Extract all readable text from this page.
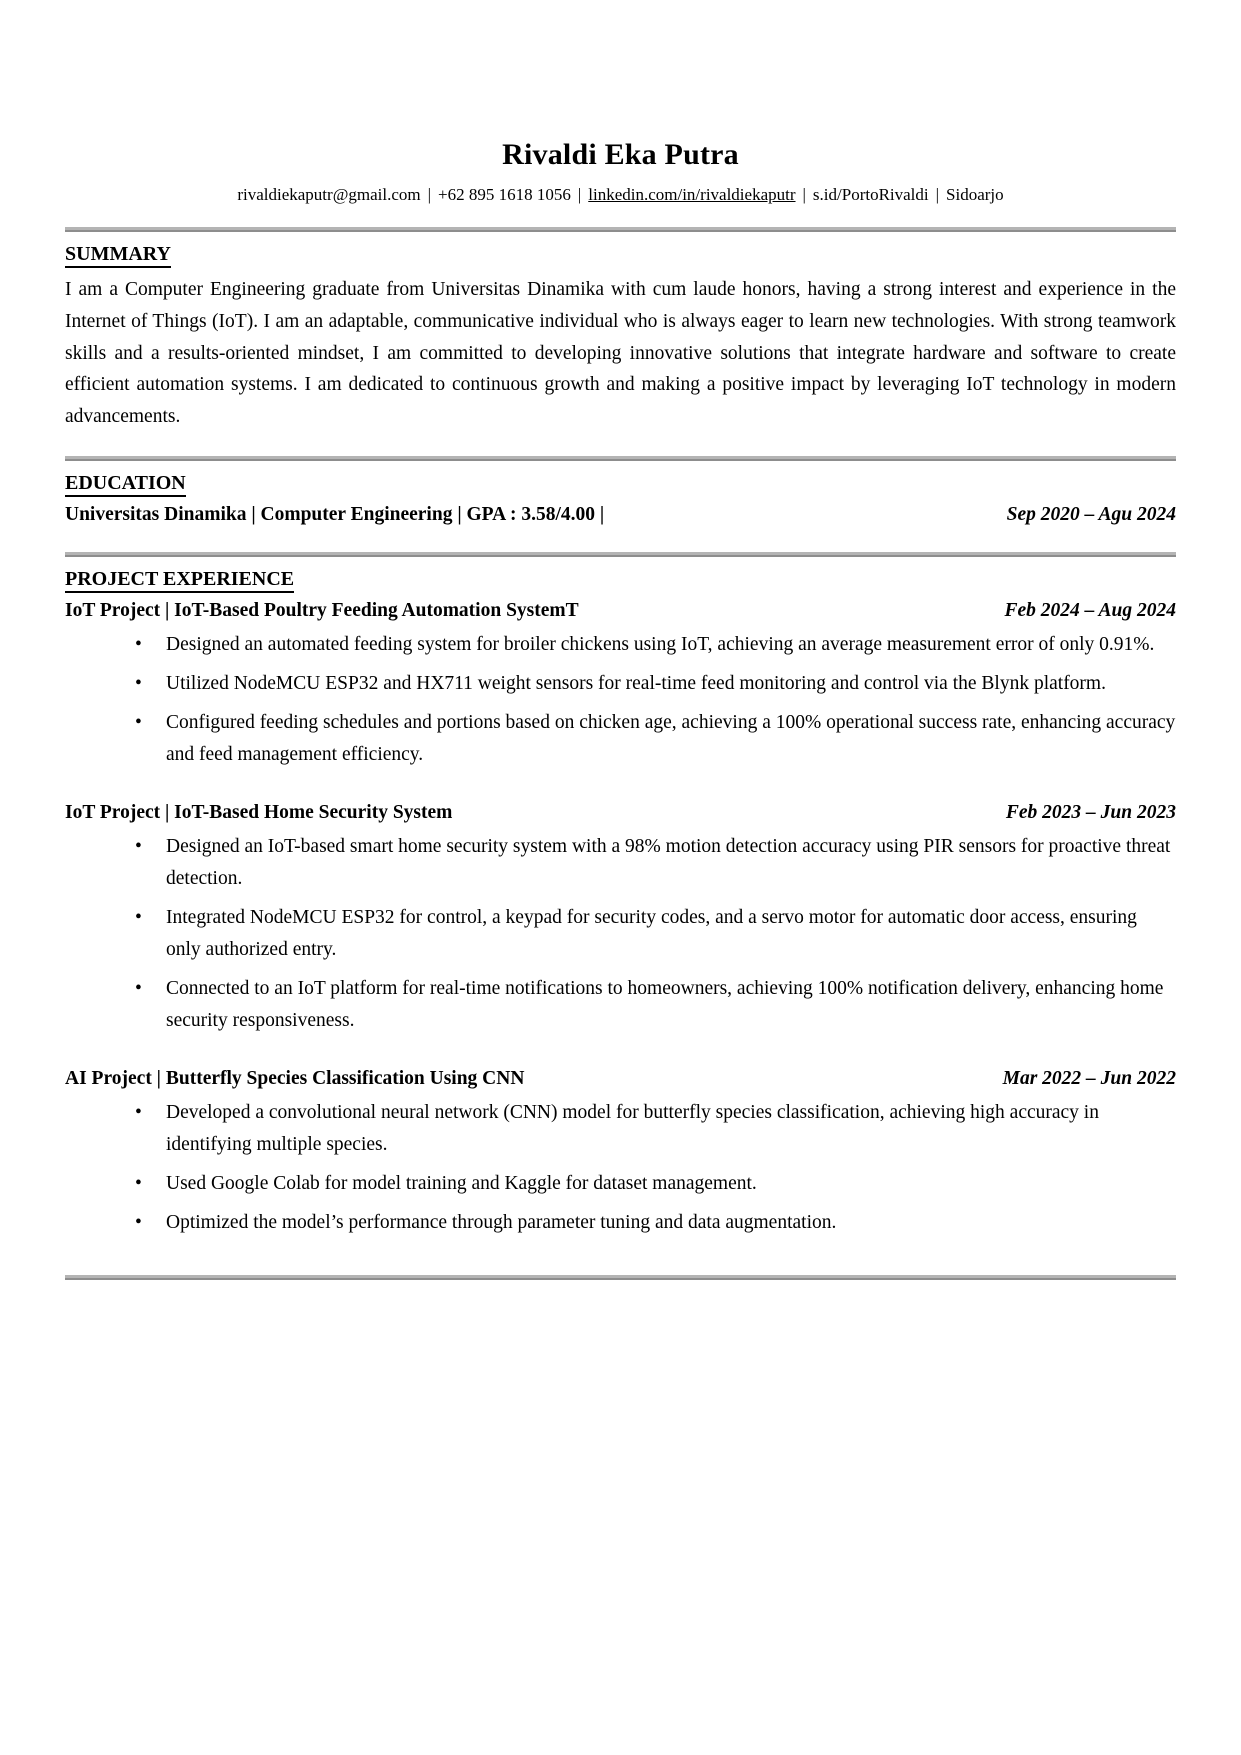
Rivaldi Eka Putra
rivaldiekaputr@gmail.com | +62 895 1618 1056 | linkedin.com/in/rivaldiekaputr | s.id/PortoRivaldi | Sidoarjo
SUMMARY

I am a Computer Engineering graduate from Universitas Dinamika with cum laude honors, having a strong interest and experience in the Internet of Things (IoT). I am an adaptable, communicative individual who is always eager to learn new technologies. With strong teamwork skills and a results-oriented mindset, I am committed to developing innovative solutions that integrate hardware and software to create efficient automation systems. I am dedicated to continuous growth and making a positive impact by leveraging IoT technology in modern advancements.

EDUCATION
Universitas Dinamika | Computer Engineering | GPA : 3.58/4.00 |	Sep 2020 – Agu 2024
PROJECT EXPERIENCE
IoT Project | IoT-Based Poultry Feeding Automation SystemT	Feb 2024 – Aug 2024
• Designed an automated feeding system for broiler chickens using IoT, achieving an average measurement error of only 0.91%.
• Utilized NodeMCU ESP32 and HX711 weight sensors for real-time feed monitoring and control via the Blynk platform.
• Configured feeding schedules and portions based on chicken age, achieving a 100% operational success rate, enhancing accuracy and feed management efficiency.
IoT Project | IoT-Based Home Security System	Feb 2023 – Jun 2023
• Designed an IoT-based smart home security system with a 98% motion detection accuracy using PIR sensors for proactive threat detection.
• Integrated NodeMCU ESP32 for control, a keypad for security codes, and a servo motor for automatic door access, ensuring only authorized entry.
• Connected to an IoT platform for real-time notifications to homeowners, achieving 100% notification delivery, enhancing home security responsiveness.
AI Project | Butterfly Species Classification Using CNN	Mar 2022 – Jun 2022
• Developed a convolutional neural network (CNN) model for butterfly species classification, achieving high accuracy in identifying multiple species.
• Used Google Colab for model training and Kaggle for dataset management.
• Optimized the model’s performance through parameter tuning and data augmentation.
